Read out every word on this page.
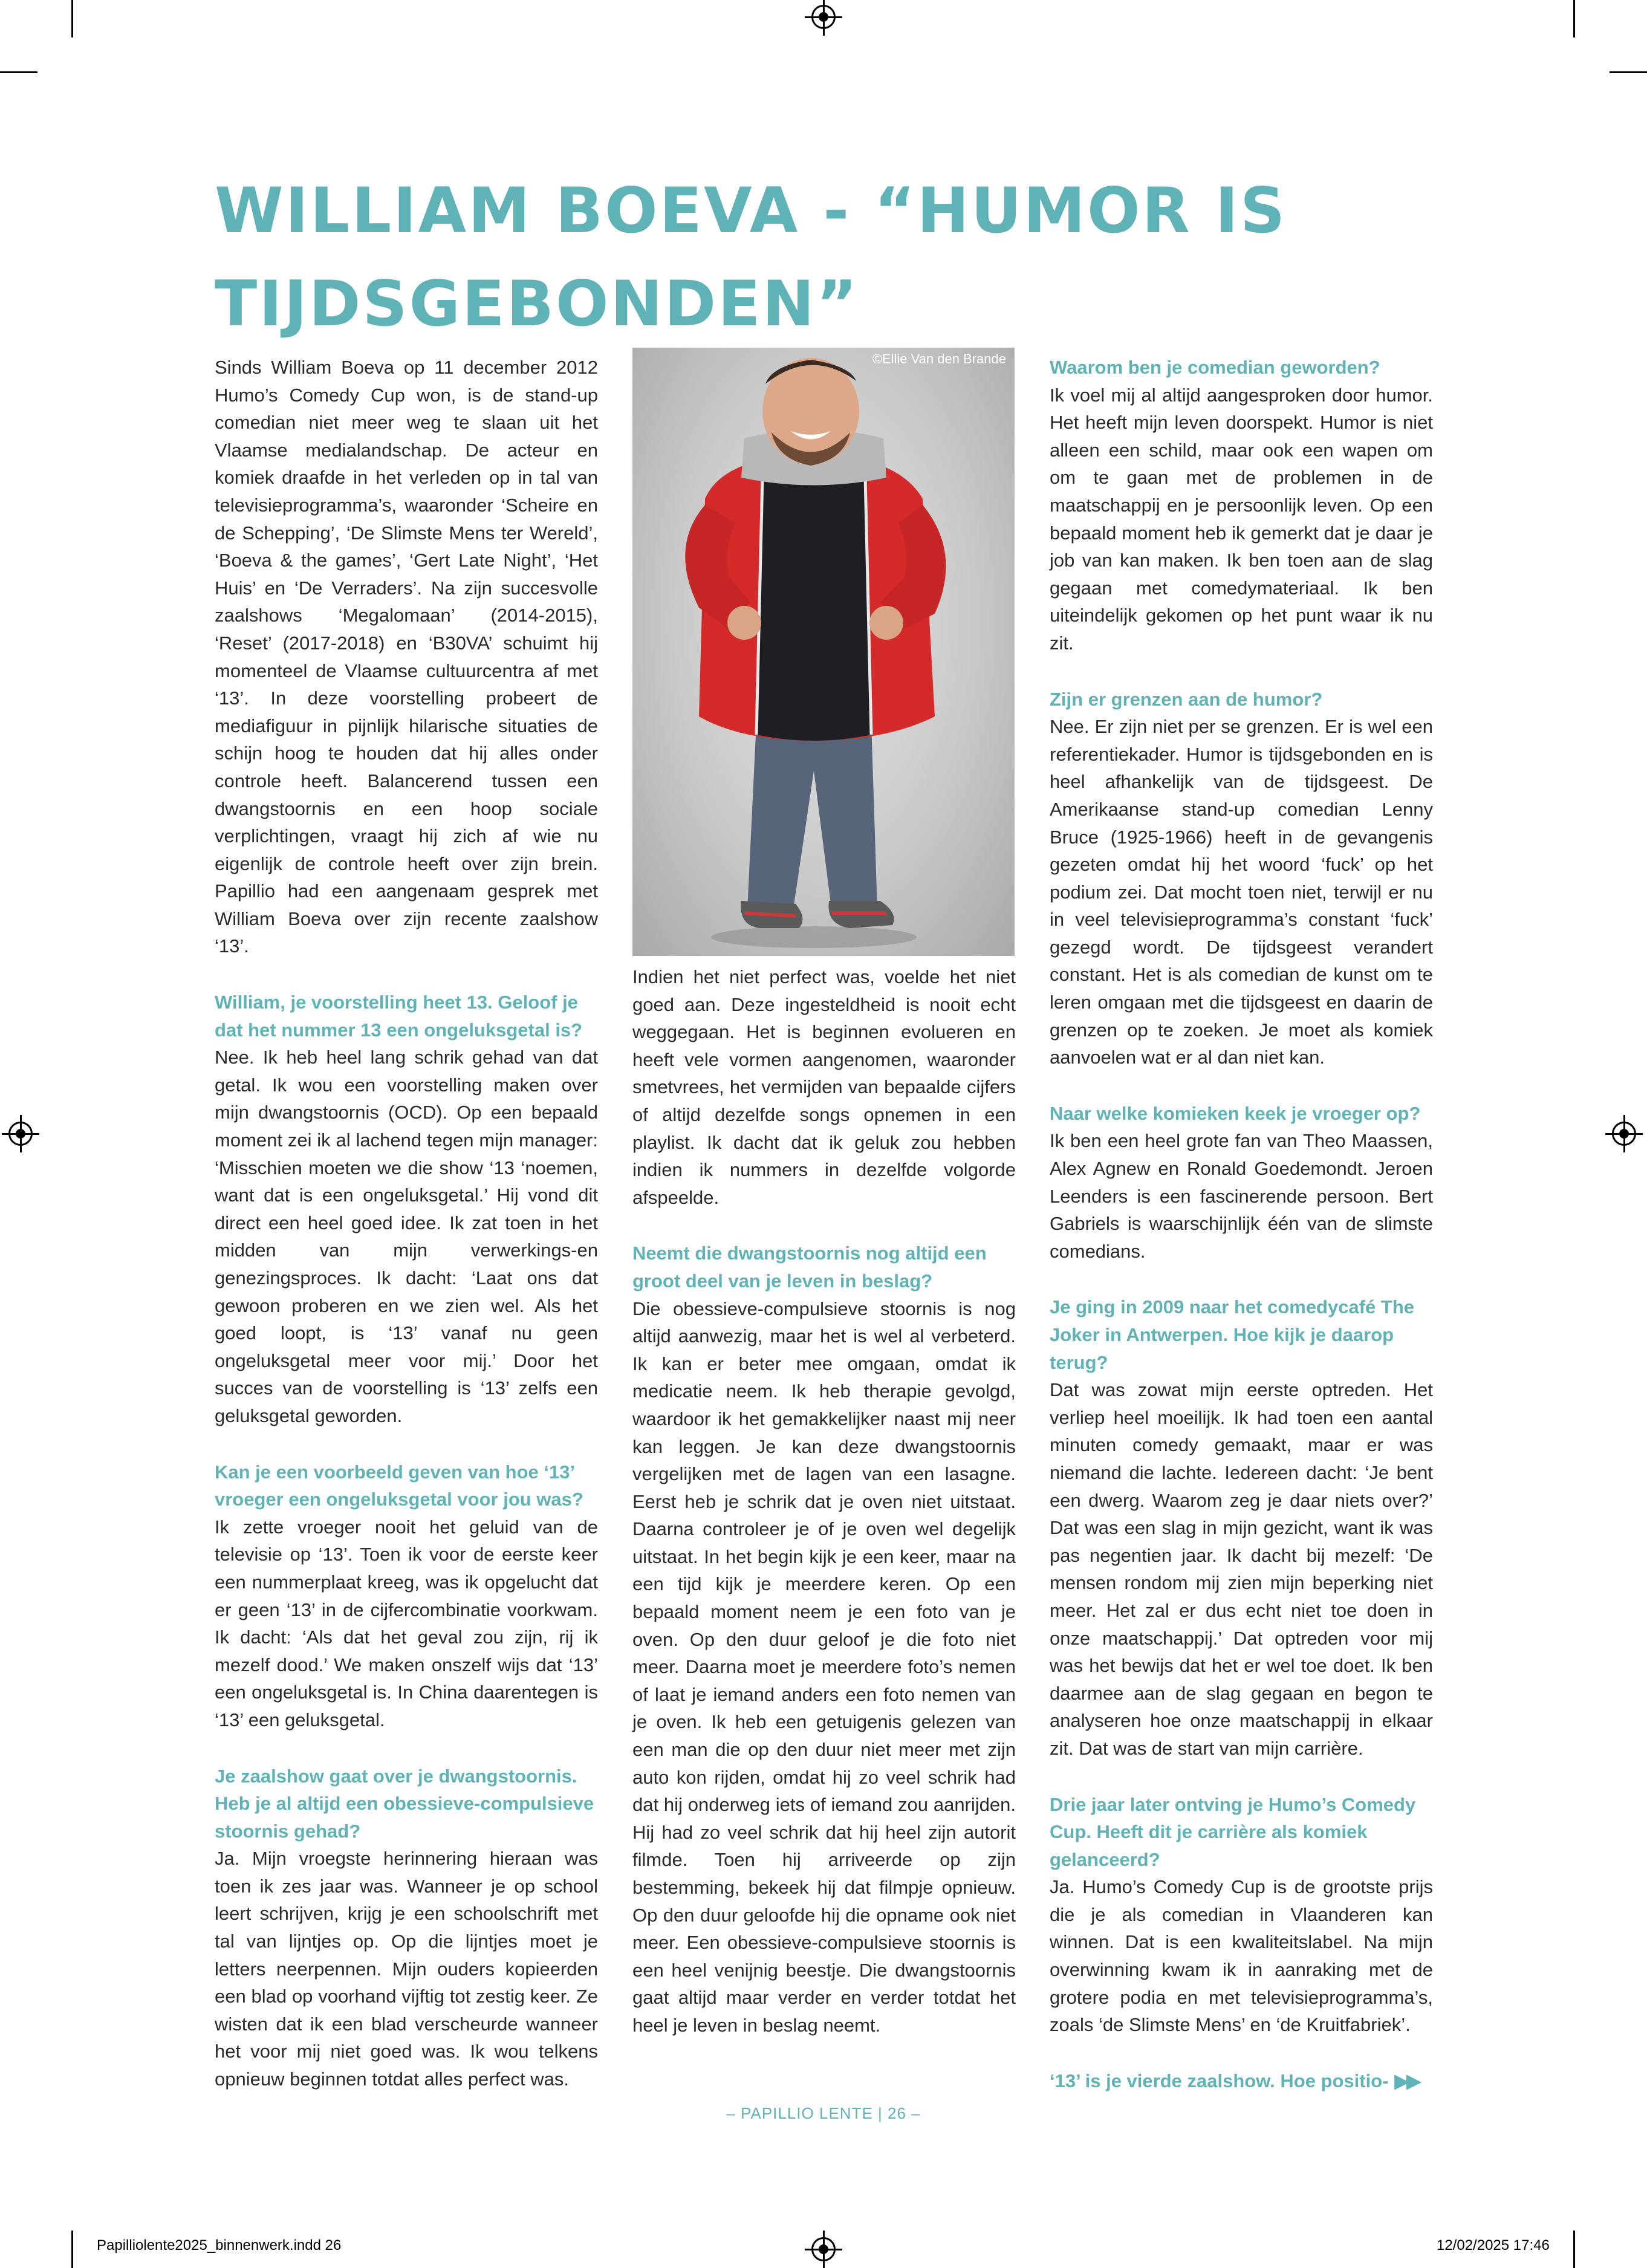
WILLIAM BOEVA - “HUMOR IS TIJDSGEBONDEN”

Sinds William Boeva op 11 december 2012 Humo’s Comedy Cup won, is de stand-up comedian niet meer weg te slaan uit het Vlaamse medialandschap. De acteur en komiek draafde in het verleden op in tal van televisieprogramma’s, waaronder ‘Scheire en de Schepping’, ‘De Slimste Mens ter Wereld’, ‘Boeva & the games’, ‘Gert Late Night’, ‘Het Huis’ en ‘De Verraders’. Na zijn succesvolle zaalshows ‘Megalomaan’ (2014-2015), ‘Reset’ (2017-2018) en ‘B30VA’ schuimt hij momenteel de Vlaamse cultuurcentra af met ‘13’. In deze voorstelling probeert de mediafiguur in pijnlijk hilarische situaties de schijn hoog te houden dat hij alles onder controle heeft. Balancerend tussen een dwangstoornis en een hoop sociale verplichtingen, vraagt hij zich af wie nu eigenlijk de controle heeft over zijn brein. Papillio had een aangenaam gesprek met William Boeva over zijn recente zaalshow ‘13’.

William, je voorstelling heet 13. Geloof je dat het nummer 13 een ongeluksgetal is?

Nee. Ik heb heel lang schrik gehad van dat getal. Ik wou een voorstelling maken over mijn dwangstoornis (OCD). Op een bepaald moment zei ik al lachend tegen mijn manager: ‘Misschien moeten we die show ‘13 ‘noemen, want dat is een ongeluksgetal.’ Hij vond dit direct een heel goed idee. Ik zat toen in het midden van mijn verwerkings-en genezingsproces. Ik dacht: ‘Laat ons dat gewoon proberen en we zien wel. Als het goed loopt, is ‘13’ vanaf nu geen ongeluksgetal meer voor mij.’ Door het succes van de voorstelling is ‘13’ zelfs een geluksgetal geworden.

Kan je een voorbeeld geven van hoe ‘13’ vroeger een ongeluksgetal voor jou was?

Ik zette vroeger nooit het geluid van de televisie op ‘13’. Toen ik voor de eerste keer een nummerplaat kreeg, was ik opgelucht dat er geen ‘13’ in de cijfercombinatie voorkwam. Ik dacht: ‘Als dat het geval zou zijn, rij ik mezelf dood.’ We maken onszelf wijs dat ‘13’ een ongeluksgetal is. In China daarentegen is ‘13’ een geluksgetal.

Je zaalshow gaat over je dwangstoornis. Heb je al altijd een obessieve-compulsieve stoornis gehad?

Ja. Mijn vroegste herinnering hieraan was toen ik zes jaar was. Wanneer je op school leert schrijven, krijg je een schoolschrift met tal van lijntjes op. Op die lijntjes moet je letters neerpennen. Mijn ouders kopieerden een blad op voorhand vijftig tot zestig keer. Ze wisten dat ik een blad verscheurde wanneer het voor mij niet goed was. Ik wou telkens opnieuw beginnen totdat alles perfect was.

©Ellie Van den Brande

Indien het niet perfect was, voelde het niet goed aan. Deze ingesteldheid is nooit echt weggegaan. Het is beginnen evolueren en heeft vele vormen aangenomen, waaronder smetvrees, het vermijden van bepaalde cijfers of altijd dezelfde songs opnemen in een playlist. Ik dacht dat ik geluk zou hebben indien ik nummers in dezelfde volgorde afspeelde.

Neemt die dwangstoornis nog altijd een groot deel van je leven in beslag?

Die obessieve-compulsieve stoornis is nog altijd aanwezig, maar het is wel al verbeterd. Ik kan er beter mee omgaan, omdat ik medicatie neem. Ik heb therapie gevolgd, waardoor ik het gemakkelijker naast mij neer kan leggen. Je kan deze dwangstoornis vergelijken met de lagen van een lasagne. Eerst heb je schrik dat je oven niet uitstaat. Daarna controleer je of je oven wel degelijk uitstaat. In het begin kijk je een keer, maar na een tijd kijk je meerdere keren. Op een bepaald moment neem je een foto van je oven. Op den duur geloof je die foto niet meer. Daarna moet je meerdere foto’s nemen of laat je iemand anders een foto nemen van je oven. Ik heb een getuigenis gelezen van een man die op den duur niet meer met zijn auto kon rijden, omdat hij zo veel schrik had dat hij onderweg iets of iemand zou aanrijden. Hij had zo veel schrik dat hij heel zijn autorit filmde. Toen hij arriveerde op zijn bestemming, bekeek hij dat filmpje opnieuw. Op den duur geloofde hij die opname ook niet meer. Een obessieve-compulsieve stoornis is een heel venijnig beestje. Die dwangstoornis gaat altijd maar verder en verder totdat het heel je leven in beslag neemt.

Waarom ben je comedian geworden?

Ik voel mij al altijd aangesproken door humor. Het heeft mijn leven doorspekt. Humor is niet alleen een schild, maar ook een wapen om om te gaan met de problemen in de maatschappij en je persoonlijk leven. Op een bepaald moment heb ik gemerkt dat je daar je job van kan maken. Ik ben toen aan de slag gegaan met comedymateriaal. Ik ben uiteindelijk gekomen op het punt waar ik nu zit.

Zijn er grenzen aan de humor?

Nee. Er zijn niet per se grenzen. Er is wel een referentiekader. Humor is tijdsgebonden en is heel afhankelijk van de tijdsgeest. De Amerikaanse stand-up comedian Lenny Bruce (1925-1966) heeft in de gevangenis gezeten omdat hij het woord ‘fuck’ op het podium zei. Dat mocht toen niet, terwijl er nu in veel televisieprogramma’s constant ‘fuck’ gezegd wordt. De tijdsgeest verandert constant. Het is als comedian de kunst om te leren omgaan met die tijdsgeest en daarin de grenzen op te zoeken. Je moet als komiek aanvoelen wat er al dan niet kan.

Naar welke komieken keek je vroeger op?

Ik ben een heel grote fan van Theo Maassen, Alex Agnew en Ronald Goedemondt. Jeroen Leenders is een fascinerende persoon. Bert Gabriels is waarschijnlijk één van de slimste comedians.

Je ging in 2009 naar het comedycafé The Joker in Antwerpen. Hoe kijk je daarop terug?

Dat was zowat mijn eerste optreden. Het verliep heel moeilijk. Ik had toen een aantal minuten comedy gemaakt, maar er was niemand die lachte. Iedereen dacht: ‘Je bent een dwerg. Waarom zeg je daar niets over?’ Dat was een slag in mijn gezicht, want ik was pas negentien jaar. Ik dacht bij mezelf: ‘De mensen rondom mij zien mijn beperking niet meer. Het zal er dus echt niet toe doen in onze maatschappij.’ Dat optreden voor mij was het bewijs dat het er wel toe doet. Ik ben daarmee aan de slag gegaan en begon te analyseren hoe onze maatschappij in elkaar zit. Dat was de start van mijn carrière.

Drie jaar later ontving je Humo’s Comedy Cup. Heeft dit je carrière als komiek gelanceerd?

Ja. Humo’s Comedy Cup is de grootste prijs die je als comedian in Vlaanderen kan winnen. Dat is een kwaliteitslabel. Na mijn overwinning kwam ik in aanraking met de grotere podia en met televisieprogramma’s, zoals ‘de Slimste Mens’ en ‘de Kruitfabriek’.

‘13’ is je vierde zaalshow. Hoe positio- ▶▶
– PAPILLIO LENTE | 26 –
Papilliolente2025_binnenwerk.indd 26	12/02/2025 17:46
